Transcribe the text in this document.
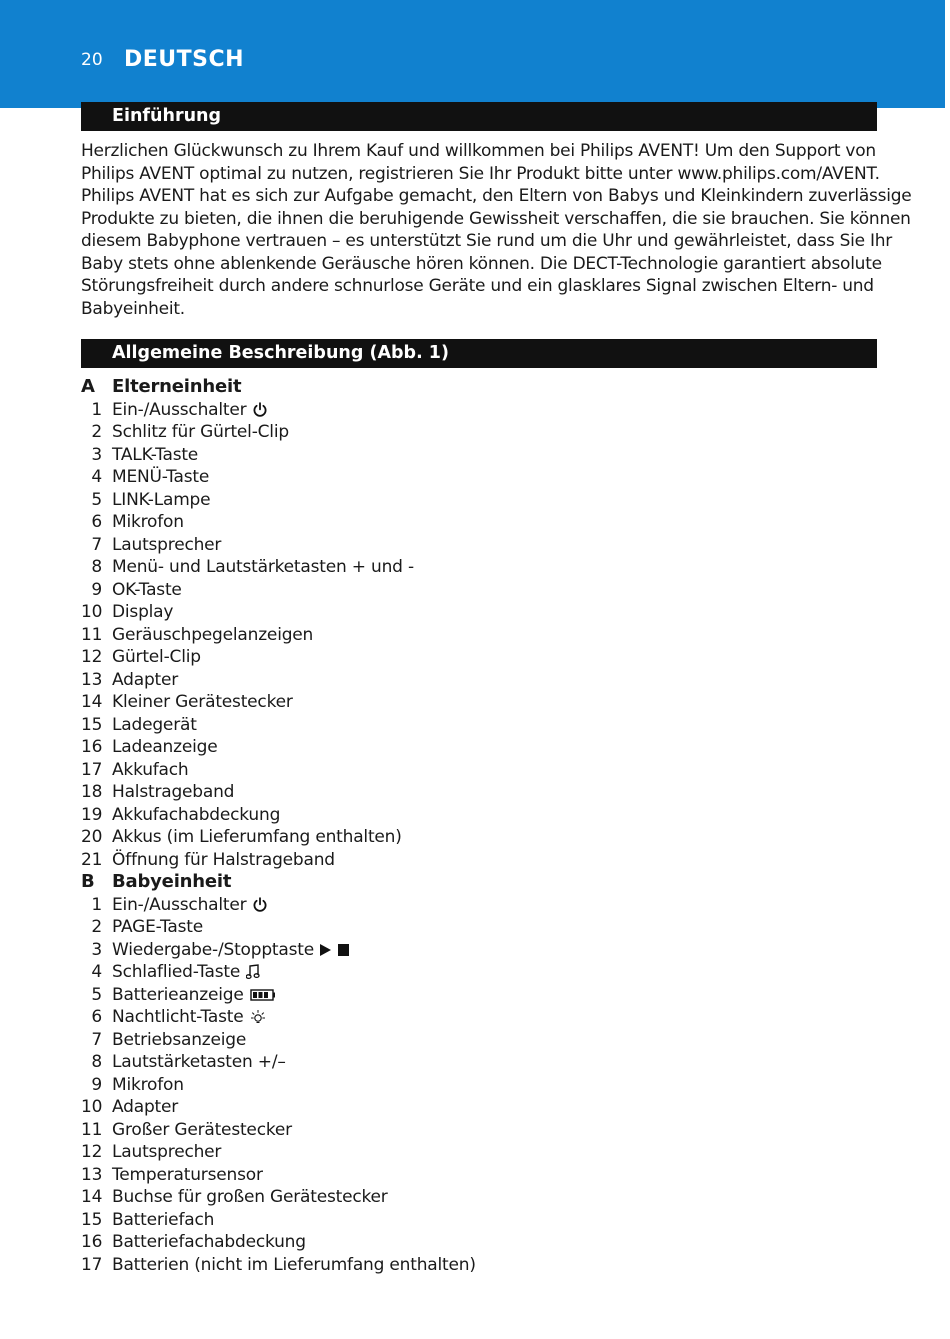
20 DEUTSCH
Einführung

Herzlichen Glückwunsch zu Ihrem Kauf und willkommen bei Philips AVENT! Um den Support von

Philips AVENT optimal zu nutzen, registrieren Sie Ihr Produkt bitte unter www.philips.com/AVENT.

Philips AVENT hat es sich zur Aufgabe gemacht, den Eltern von Babys und Kleinkindern zuverlässige

Produkte zu bieten, die ihnen die beruhigende Gewissheit verschaffen, die sie brauchen. Sie können

diesem Babyphone vertrauen – es unterstützt Sie rund um die Uhr und gewährleistet, dass Sie Ihr

Baby stets ohne ablenkende Geräusche hören können. Die DECT-Technologie garantiert absolute

Störungsfreiheit durch andere schnurlose Geräte und ein glasklares Signal zwischen Eltern- und

Babyeinheit.

Allgemeine Beschreibung (Abb. 1)
A Elterneinheit
1 Ein-/Ausschalter
2 Schlitz für Gürtel-Clip
3 TALK-Taste
4 MENÜ-Taste
5 LINK-Lampe
6 Mikrofon
7 Lautsprecher
8 Menü- und Lautstärketasten + und -
9 OK-Taste
10 Display
11 Geräuschpegelanzeigen
12 Gürtel-Clip
13 Adapter
14 Kleiner Gerätestecker
15 Ladegerät
16 Ladeanzeige
17 Akkufach
18 Halstrageband
19 Akkufachabdeckung
20 Akkus (im Lieferumfang enthalten)
21 Öffnung für Halstrageband
B Babyeinheit
1 Ein-/Ausschalter
2 PAGE-Taste
3 Wiedergabe-/Stopptaste
4 Schlaflied-Taste
5 Batterieanzeige
6 Nachtlicht-Taste
7 Betriebsanzeige
8 Lautstärketasten +/–
9 Mikrofon
10 Adapter
11 Großer Gerätestecker
12 Lautsprecher
13 Temperatursensor
14 Buchse für großen Gerätestecker
15 Batteriefach
16 Batteriefachabdeckung
17 Batterien (nicht im Lieferumfang enthalten)
